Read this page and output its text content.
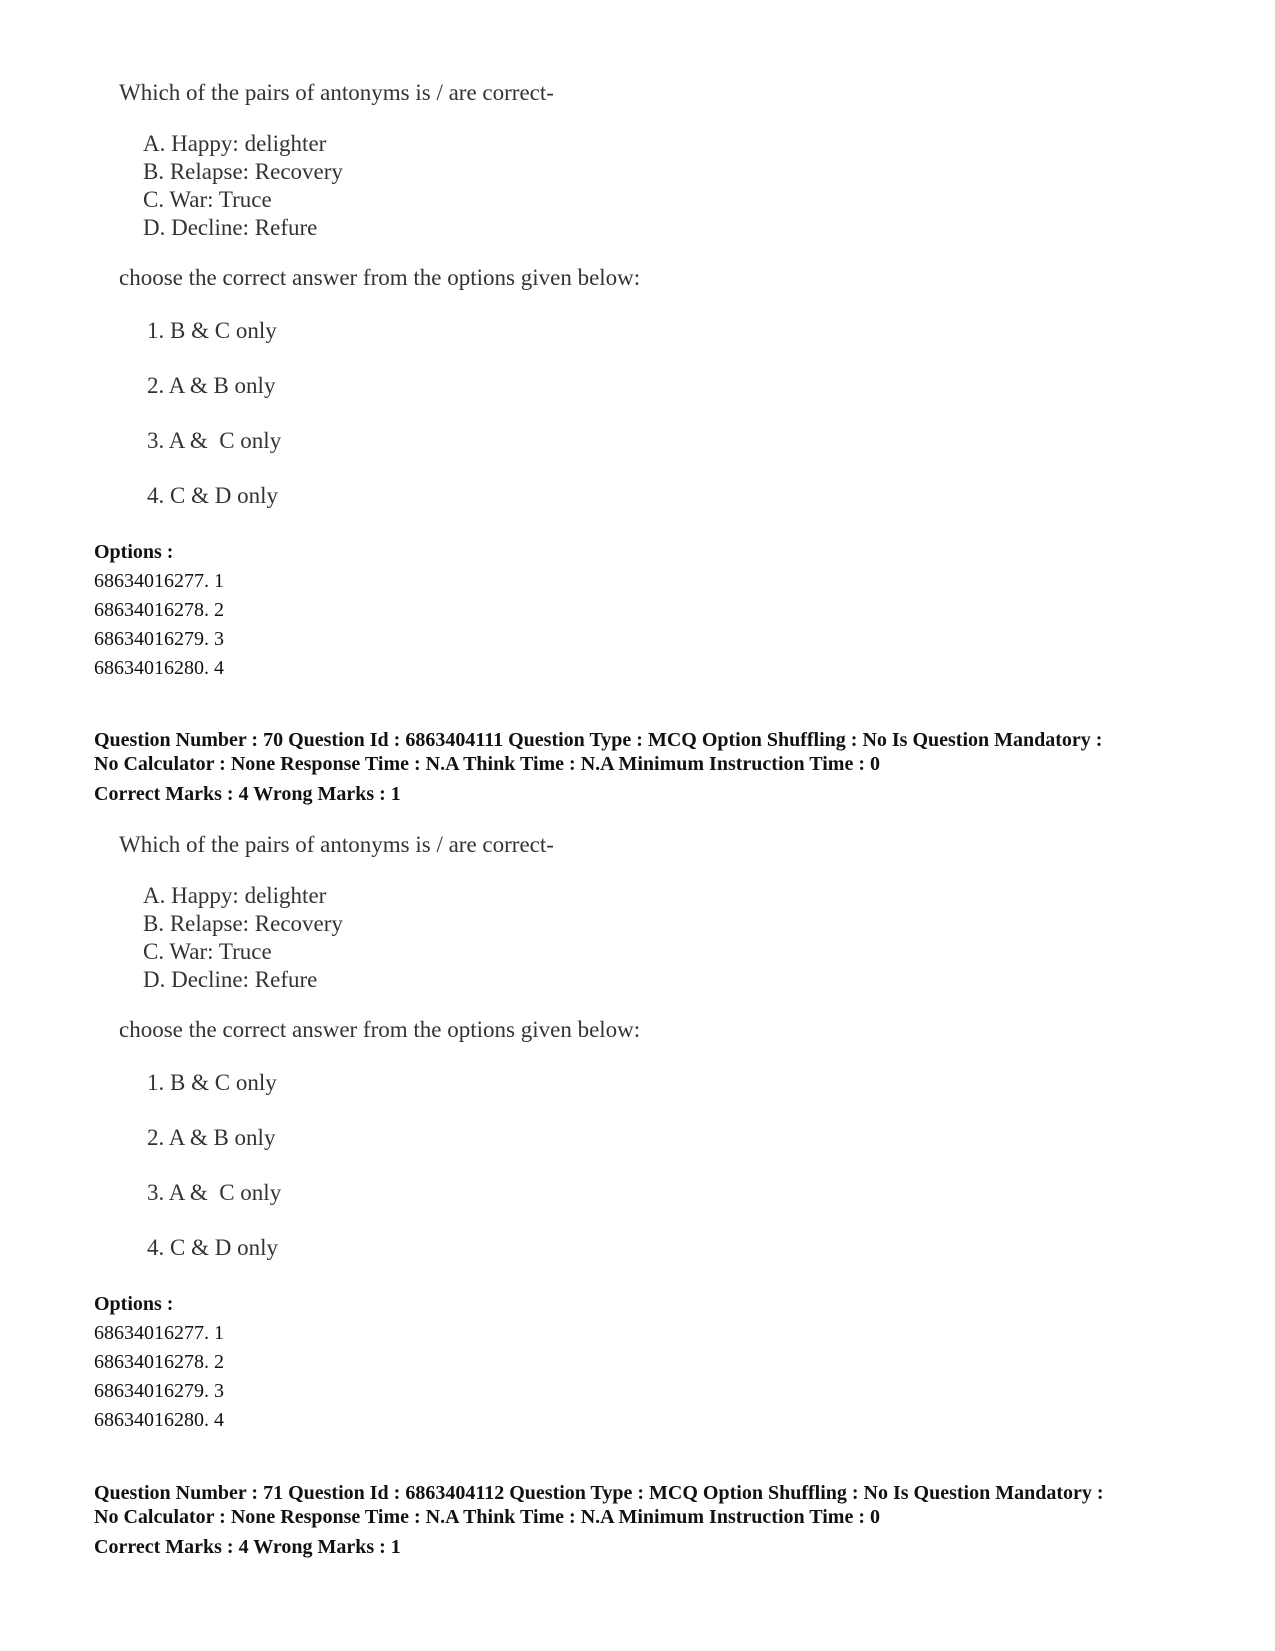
Which of the pairs of antonyms is / are correct-

A. Happy: delighter
B. Relapse: Recovery
C. War: Truce
D. Decline: Refure

choose the correct answer from the options given below:

1. B & C only
2. A & B only
3. A &  C only
4. C & D only
Options :
68634016277. 1
68634016278. 2
68634016279. 3
68634016280. 4
Question Number : 70 Question Id : 6863404111 Question Type : MCQ Option Shuffling : No Is Question Mandatory :
No Calculator : None Response Time : N.A Think Time : N.A Minimum Instruction Time : 0
Correct Marks : 4 Wrong Marks : 1

Which of the pairs of antonyms is / are correct-

A. Happy: delighter
B. Relapse: Recovery
C. War: Truce
D. Decline: Refure

choose the correct answer from the options given below:

1. B & C only
2. A & B only
3. A &  C only
4. C & D only
Options :
68634016277. 1
68634016278. 2
68634016279. 3
68634016280. 4
Question Number : 71 Question Id : 6863404112 Question Type : MCQ Option Shuffling : No Is Question Mandatory :
No Calculator : None Response Time : N.A Think Time : N.A Minimum Instruction Time : 0
Correct Marks : 4 Wrong Marks : 1
